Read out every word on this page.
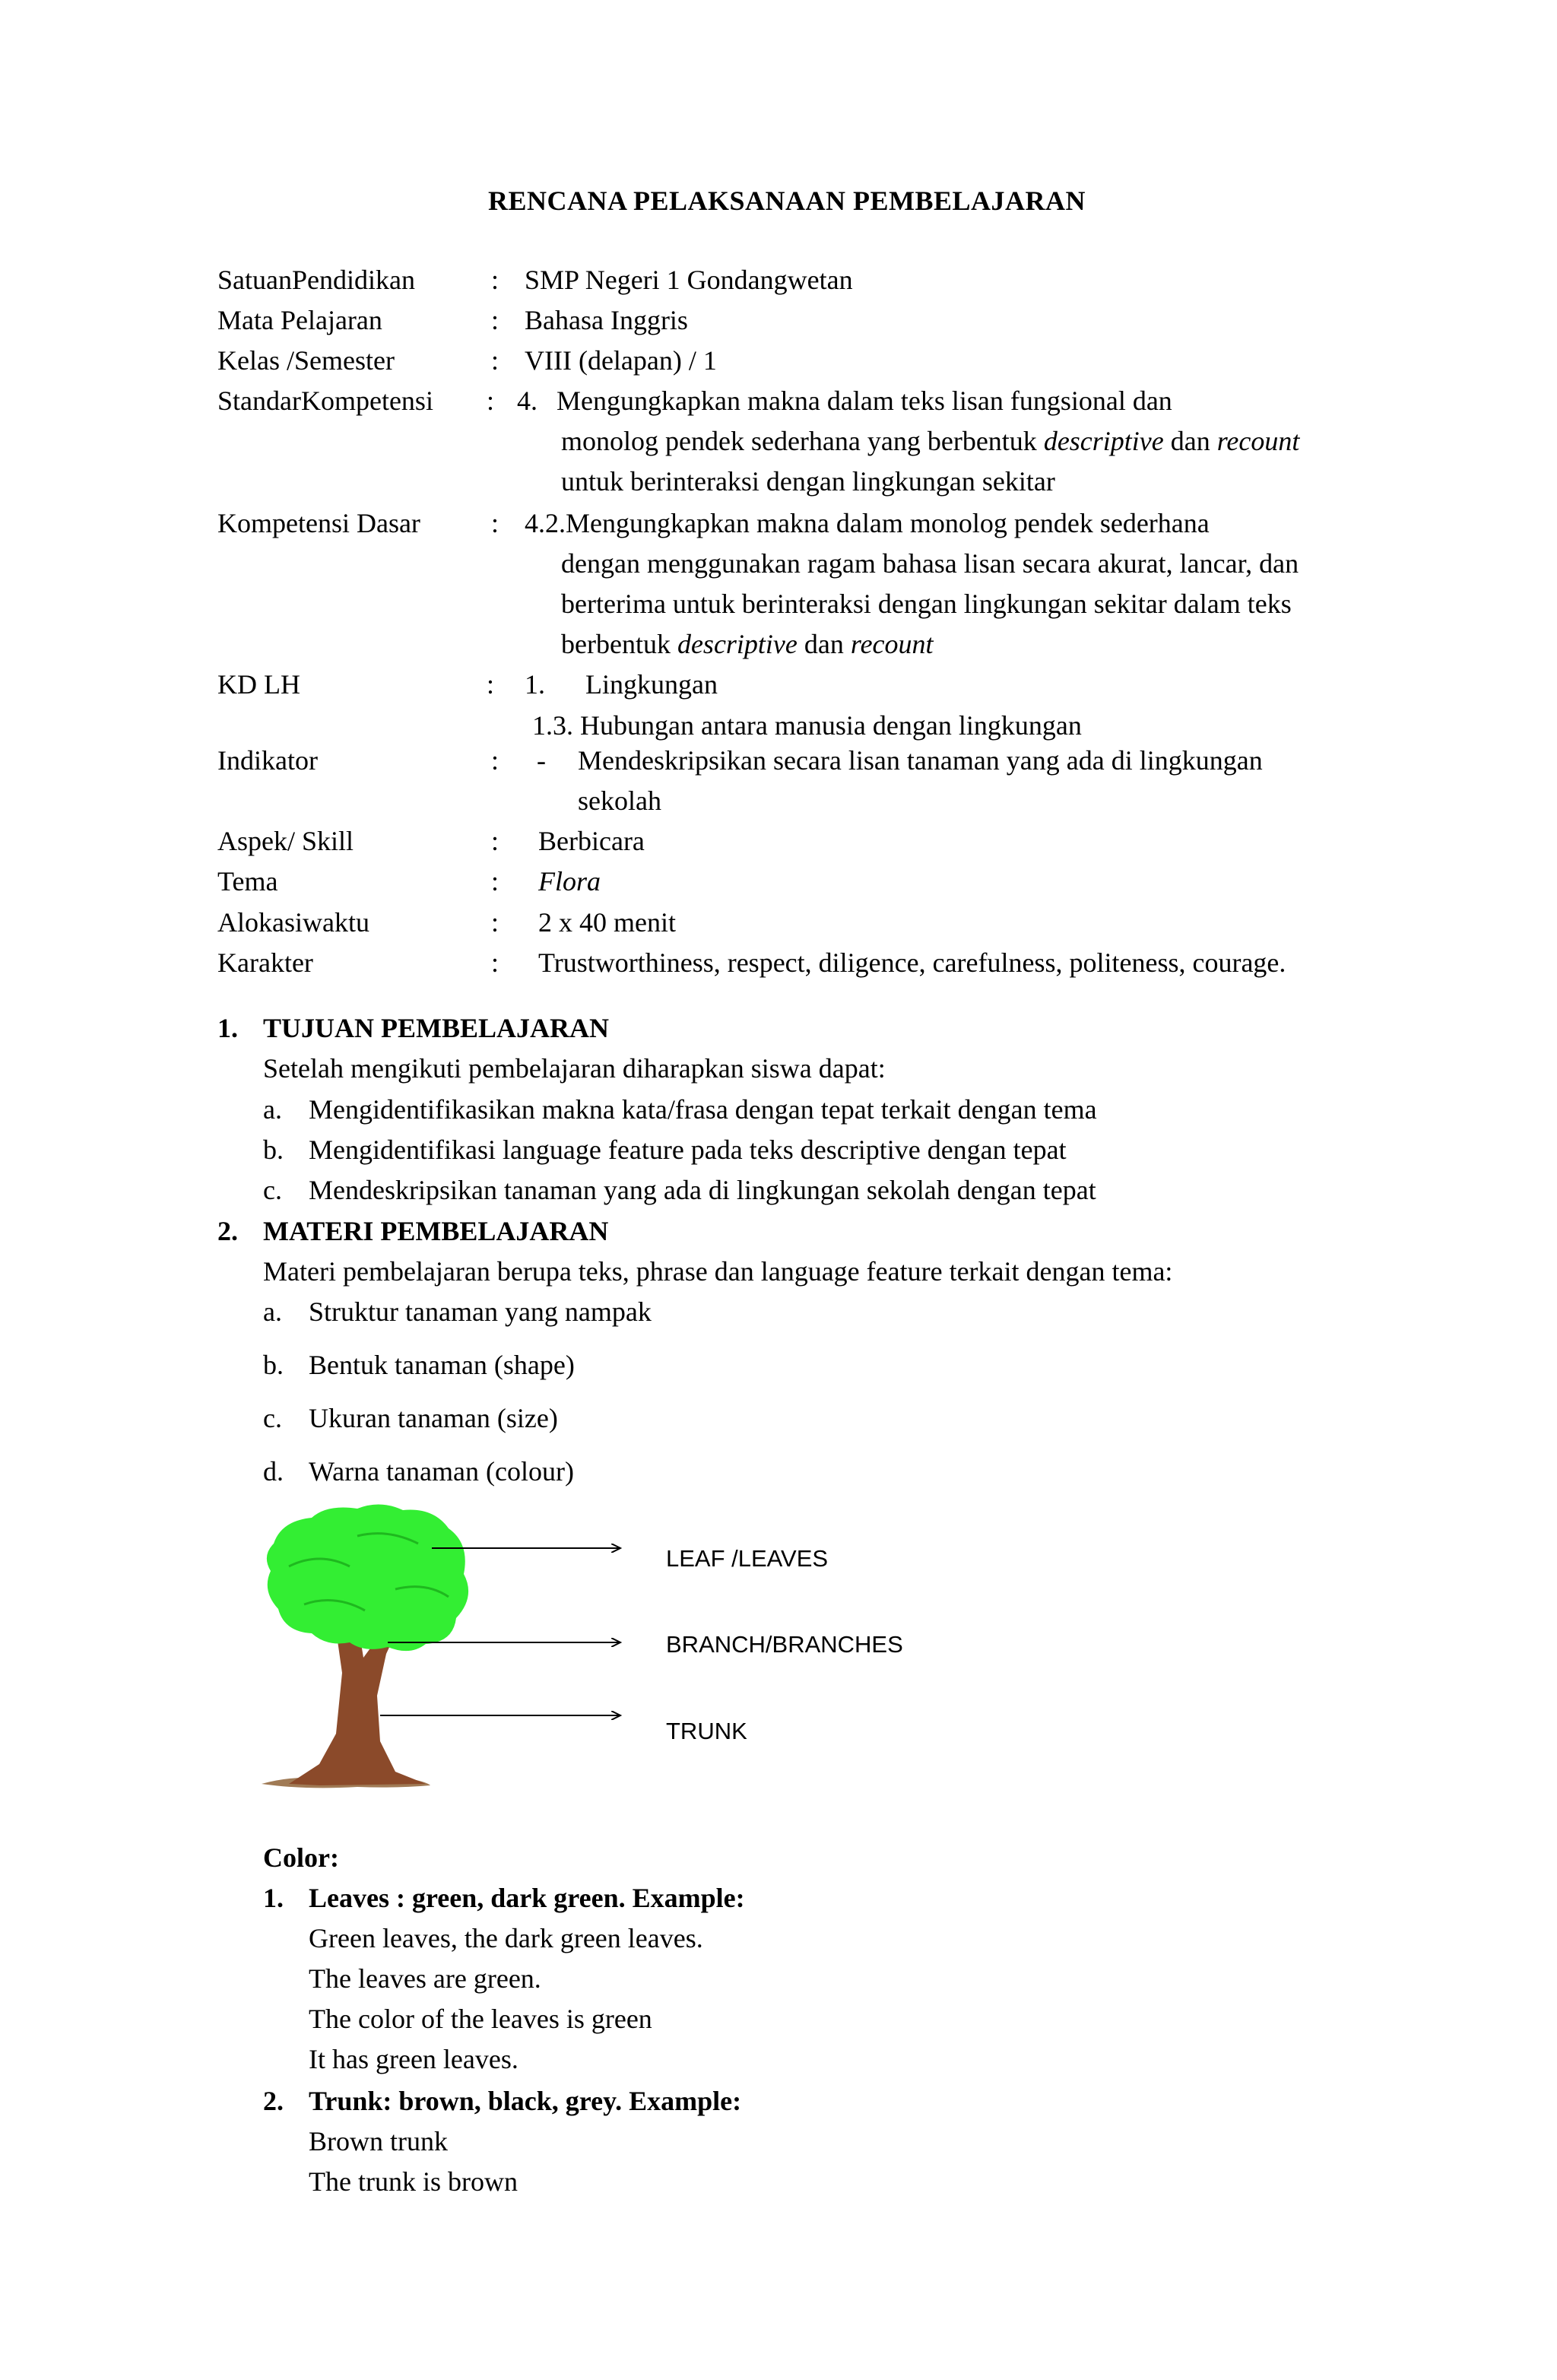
RENCANA PELAKSANAAN PEMBELAJARAN
SatuanPendidikan	: SMP Negeri 1 Gondangwetan
Mata Pelajaran	: Bahasa Inggris
Kelas /Semester	: VIII (delapan) / 1
StandarKompetensi : 4. Mengungkapkan makna dalam teks lisan fungsional dan
monolog pendek sederhana yang berbentuk descriptive dan recount
untuk berinteraksi dengan lingkungan sekitar
Kompetensi Dasar	: 4.2.Mengungkapkan makna dalam monolog pendek sederhana
dengan menggunakan ragam bahasa lisan secara akurat, lancar, dan
berterima untuk berinteraksi dengan lingkungan sekitar dalam teks
berbentuk descriptive dan recount
KD LH	: 1. Lingkungan
1.3. Hubungan antara manusia dengan lingkungan
Indikator	: - Mendeskripsikan secara lisan tanaman yang ada di lingkungan
sekolah
Aspek/ Skill	: Berbicara
Tema	: Flora
Alokasiwaktu	: 2 x 40 menit
Karakter	: Trustworthiness, respect, diligence, carefulness, politeness, courage.
1. TUJUAN PEMBELAJARAN
Setelah mengikuti pembelajaran diharapkan siswa dapat:
a. Mengidentifikasikan makna kata/frasa dengan tepat terkait dengan tema
b. Mengidentifikasi language feature pada teks descriptive dengan tepat
c. Mendeskripsikan tanaman yang ada di lingkungan sekolah dengan tepat
2. MATERI PEMBELAJARAN
Materi pembelajaran berupa teks, phrase dan language feature terkait dengan tema:
a. Struktur tanaman yang nampak
b. Bentuk tanaman (shape)
c. Ukuran tanaman (size)
d. Warna tanaman (colour)
LEAF /LEAVES
BRANCH/BRANCHES
TRUNK
Color:
1. Leaves : green, dark green. Example:
Green leaves, the dark green leaves.
The leaves are green.
The color of the leaves is green
It has green leaves.
2. Trunk: brown, black, grey. Example:
Brown trunk
The trunk is brown
